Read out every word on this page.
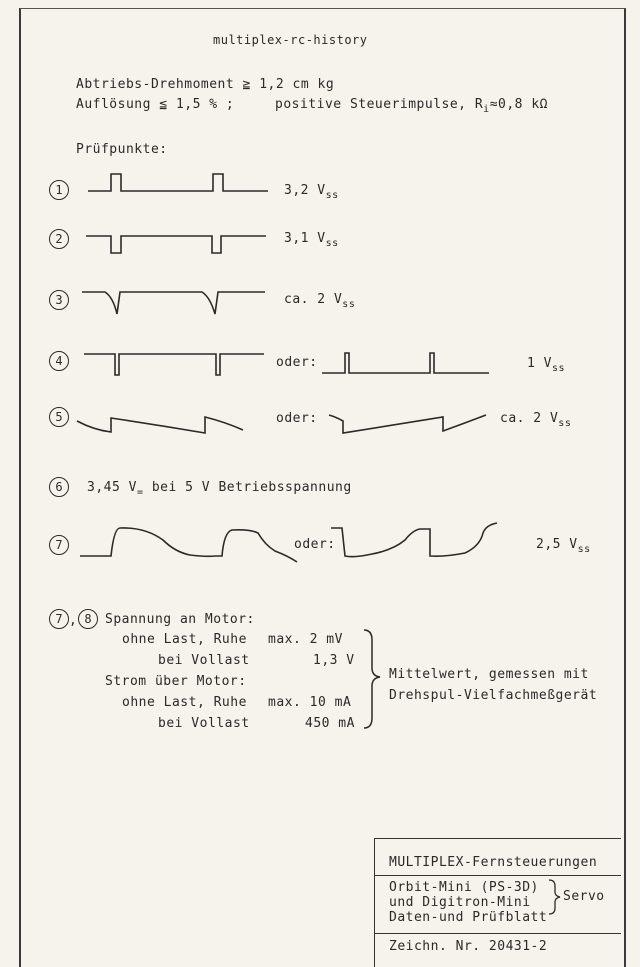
multiplex-rc-history
Abtriebs-Drehmoment ≧ 1,2 cm kg
Auflösung ≦ 1,5 % ;	positive Steuerimpulse, $R_i\approx 0,8$ kΩ
Prüfpunkte:
1	3,2 $V_{ss}$
2	3,1 $V_{ss}$
3	ca. 2 $V_{ss}$
4	oder:	1 $V_{ss}$
5	oder:	ca. 2 $V_{ss}$
6	3,45 $V_=$ bei 5 V Betriebsspannung
7	oder:	2,5 $V_{ss}$
7 , 8	Spannung an Motor:
ohne Last, Ruhe max. 2 mV
bei Vollast	1,3 V
Strom über Motor:
ohne Last, Ruhe max. 10 mA
bei Vollast	450 mA
Mittelwert, gemessen mit
Drehspul-Vielfachmeßgerät
MULTIPLEX-Fernsteuerungen
Orbit-Mini (PS-3D)
und Digitron-Mini
Daten-und Prüfblatt
Servo
Zeichn. Nr. 20431-2
